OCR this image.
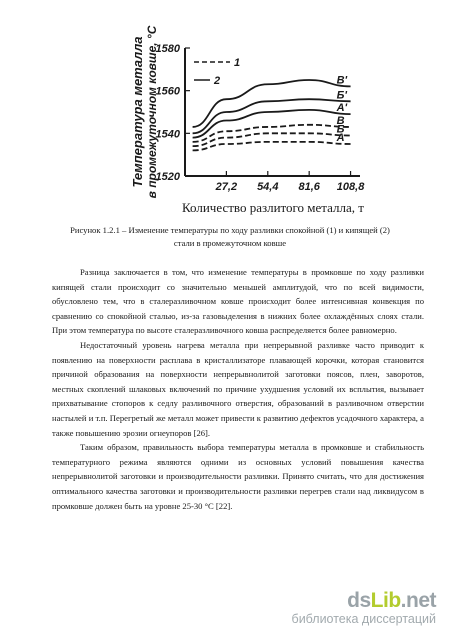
Температура металла в промежуточном ковше, °С
1520
1540
1560
1580
27,2 54,4 81,6 108,8
В'
Б'
А'
В
Б
А
1
2
Количество разлитого металла, т
Рисунок 1.2.1 – Изменение температуры по ходу разливки спокойной (1) и кипящей (2)
стали в промежуточном ковше

Разница заключается в том, что изменение температуры в промковше по ходу разливки кипящей стали происходит со значительно меньшей амплитудой, что по всей видимости, обусловлено тем, что в сталеразливочном ковше происходит более интенсивная конвекция по сравнению со спокойной сталью, из-за газовыделения в нижних более охлаждённых слоях стали. При этом температура по высоте сталеразливочного ковша распределяется более равномерно.

Недостаточный уровень нагрева металла при непрерывной разливке часто приводит к появлению на поверхности расплава в кристаллизаторе плавающей корочки, которая становится причиной образования на поверхности непрерывнолитой заготовки поясов, плен, заворотов, местных скоплений шлаковых включений по причине ухудшения условий их всплытия, вызывает прихватывание стопоров к седлу разливочного отверстия, образований в разливочном отверстии настылей и т.п. Перегретый же металл может привести к развитию дефектов усадочного характера, а также повышению эрозии огнеупоров [26].

Таким образом, правильность выбора температуры металла в промковше и стабильность температурного режима являются одними из основных условий повышения качества непрерывнолитой заготовки и производительности разливки. Принято считать, что для достижения оптимального качества заготовки и производительности разливки перегрев стали над ликвидусом в промковше должен быть на уровне 25-30 °С [22].

dsLib.net
библиотека диссертаций
